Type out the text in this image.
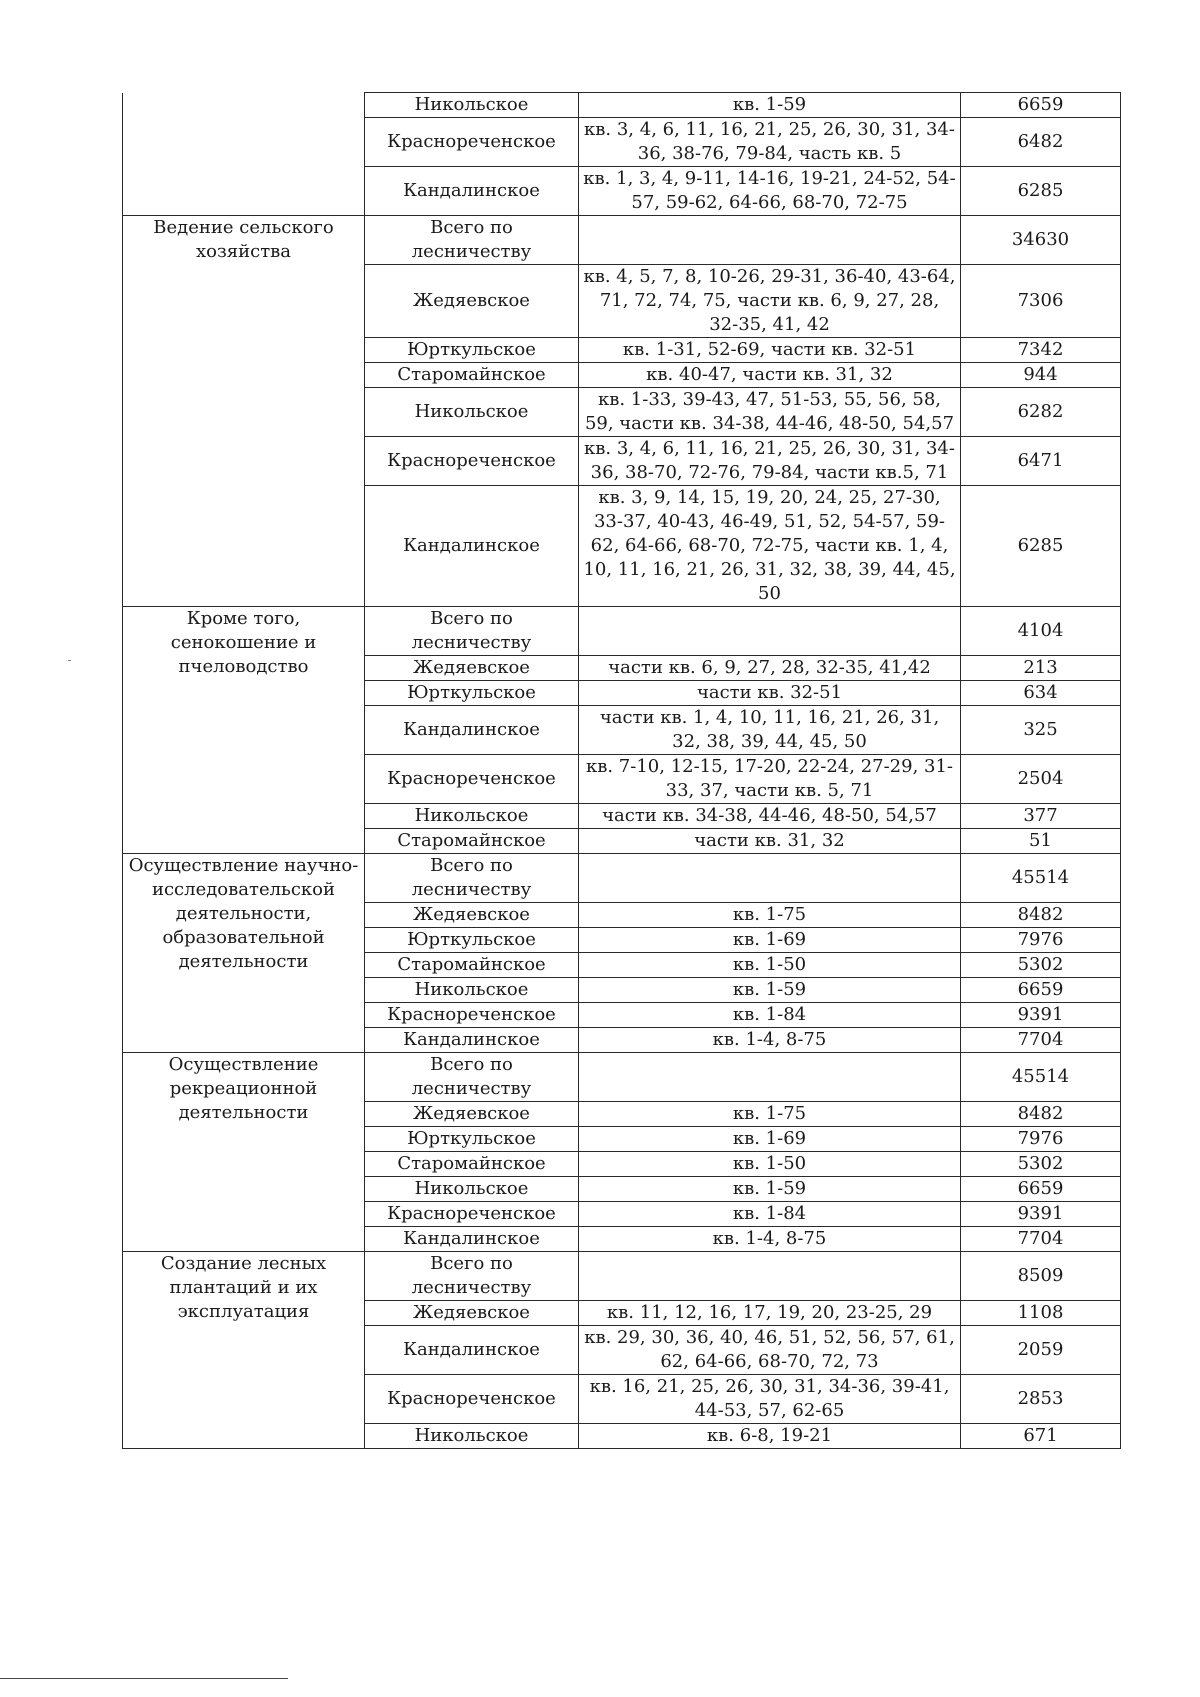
	Никольское	кв. 1-59	6659
	Краснореченское	кв. 3, 4, 6, 11, 16, 21, 25, 26, 30, 31, 34-36, 38-76, 79-84, часть кв. 5	6482
	Кандалинское	кв. 1, 3, 4, 9-11, 14-16, 19-21, 24-52, 54-57, 59-62, 64-66, 68-70, 72-75	6285
Ведение сельского хозяйства	Всего по лесничеству		34630
	Жедяевское	кв. 4, 5, 7, 8, 10-26, 29-31, 36-40, 43-64, 71, 72, 74, 75, части кв. 6, 9, 27, 28, 32-35, 41, 42	7306
	Юрткульское	кв. 1-31, 52-69, части кв. 32-51	7342
	Старомайнское	кв. 40-47, части кв. 31, 32	944
	Никольское	кв. 1-33, 39-43, 47, 51-53, 55, 56, 58, 59, части кв. 34-38, 44-46, 48-50, 54,57	6282
	Краснореченское	кв. 3, 4, 6, 11, 16, 21, 25, 26, 30, 31, 34-36, 38-70, 72-76, 79-84, части кв.5, 71	6471
	Кандалинское	кв. 3, 9, 14, 15, 19, 20, 24, 25, 27-30, 33-37, 40-43, 46-49, 51, 52, 54-57, 59-62, 64-66, 68-70, 72-75, части кв. 1, 4, 10, 11, 16, 21, 26, 31, 32, 38, 39, 44, 45, 50	6285
Кроме того, сенокошение и пчеловодство	Всего по лесничеству		4104
	Жедяевское	части кв. 6, 9, 27, 28, 32-35, 41,42	213
	Юрткульское	части кв. 32-51	634
	Кандалинское	части кв. 1, 4, 10, 11, 16, 21, 26, 31, 32, 38, 39, 44, 45, 50	325
	Краснореченское	кв. 7-10, 12-15, 17-20, 22-24, 27-29, 31-33, 37, части кв. 5, 71	2504
	Никольское	части кв. 34-38, 44-46, 48-50, 54,57	377
	Старомайнское	части кв. 31, 32	51
Осуществление научно-исследовательской деятельности, образовательной деятельности	Всего по лесничеству		45514
	Жедяевское	кв. 1-75	8482
	Юрткульское	кв. 1-69	7976
	Старомайнское	кв. 1-50	5302
	Никольское	кв. 1-59	6659
	Краснореченское	кв. 1-84	9391
	Кандалинское	кв. 1-4, 8-75	7704
Осуществление рекреационной деятельности	Всего по лесничеству		45514
	Жедяевское	кв. 1-75	8482
	Юрткульское	кв. 1-69	7976
	Старомайнское	кв. 1-50	5302
	Никольское	кв. 1-59	6659
	Краснореченское	кв. 1-84	9391
	Кандалинское	кв. 1-4, 8-75	7704
Создание лесных плантаций и их эксплуатация	Всего по лесничеству		8509
	Жедяевское	кв. 11, 12, 16, 17, 19, 20, 23-25, 29	1108
	Кандалинское	кв. 29, 30, 36, 40, 46, 51, 52, 56, 57, 61, 62, 64-66, 68-70, 72, 73	2059
	Краснореченское	кв. 16, 21, 25, 26, 30, 31, 34-36, 39-41, 44-53, 57, 62-65	2853
	Никольское	кв. 6-8, 19-21	671
